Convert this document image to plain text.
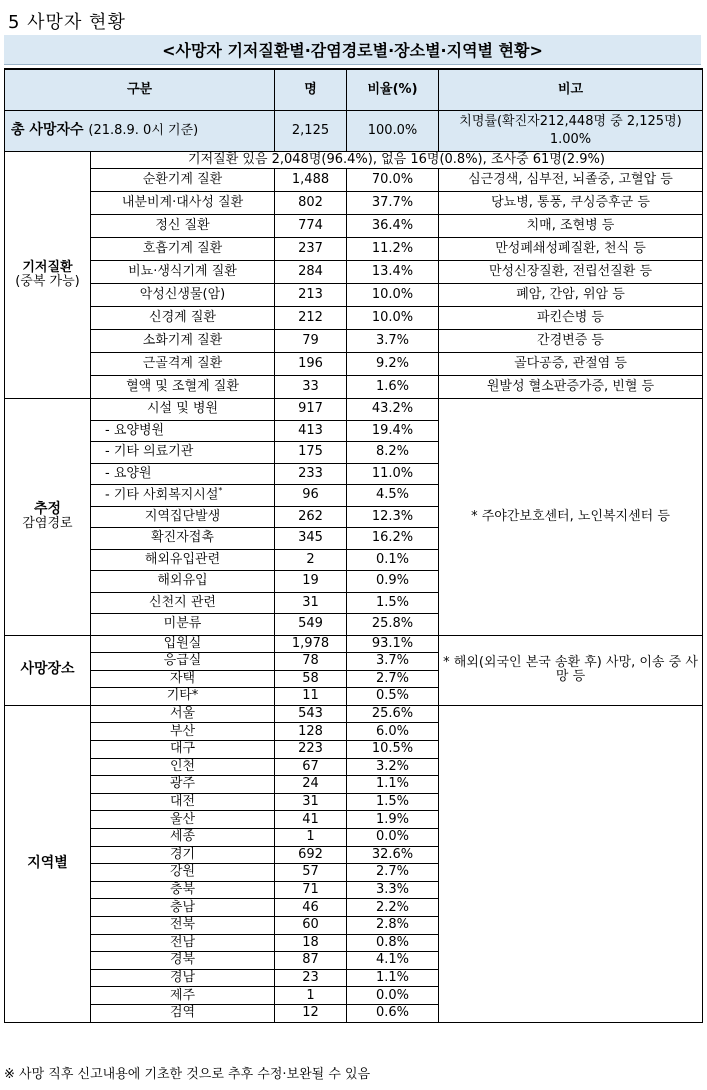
5 사망자 현황
<사망자 기저질환별·감염경로별·장소별·지역별 현황>
구분		명	비율(%)	비고
총 사망자수 (21.8.9. 0시 기준)		2,125	100.0%	치명률(확진자212,448명 중 2,125명) 1.00%
기저질환
(중복 가능)	기저질환 있음 2,048명(96.4%), 없음 16명(0.8%), 조사중 61명(2.9%)			
	순환기계 질환	1,488	70.0%	심근경색, 심부전, 뇌졸중, 고혈압 등
	내분비계·대사성 질환	802	37.7%	당뇨병, 통풍, 쿠싱증후군 등
	정신 질환	774	36.4%	치매, 조현병 등
	호흡기계 질환	237	11.2%	만성폐쇄성폐질환, 천식 등
	비뇨·생식기계 질환	284	13.4%	만성신장질환, 전립선질환 등
	악성신생물(암)	213	10.0%	폐암, 간암, 위암 등
	신경계 질환	212	10.0%	파킨슨병 등
	소화기계 질환	79	3.7%	간경변증 등
	근골격계 질환	196	9.2%	골다공증, 관절염 등
	혈액 및 조혈계 질환	33	1.6%	원발성 혈소판증가증, 빈혈 등
추정
감염경로	시설 및 병원	917	43.2%	* 주야간보호센터, 노인복지센터 등
	- 요양병원	413	19.4%	
	- 기타 의료기관	175	8.2%	
	- 요양원	233	11.0%	
	- 기타 사회복지시설*	96	4.5%	
	지역집단발생	262	12.3%	
	확진자접촉	345	16.2%	
	해외유입관련	2	0.1%	
	해외유입	19	0.9%	
	신천지 관련	31	1.5%	
	미분류	549	25.8%	
사망장소	입원실	1,978	93.1%	* 해외(외국인 본국 송환 후) 사망, 이송 중 사망 등
	응급실	78	3.7%	
	자택	58	2.7%	
	기타*	11	0.5%	
지역별	서울	543	25.6%	
	부산	128	6.0%	
	대구	223	10.5%	
	인천	67	3.2%	
	광주	24	1.1%	
	대전	31	1.5%	
	울산	41	1.9%	
	세종	1	0.0%	
	경기	692	32.6%	
	강원	57	2.7%	
	충북	71	3.3%	
	충남	46	2.2%	
	전북	60	2.8%	
	전남	18	0.8%	
	경북	87	4.1%	
	경남	23	1.1%	
	제주	1	0.0%	
	검역	12	0.6%	
※ 사망 직후 신고내용에 기초한 것으로 추후 수정·보완될 수 있음
